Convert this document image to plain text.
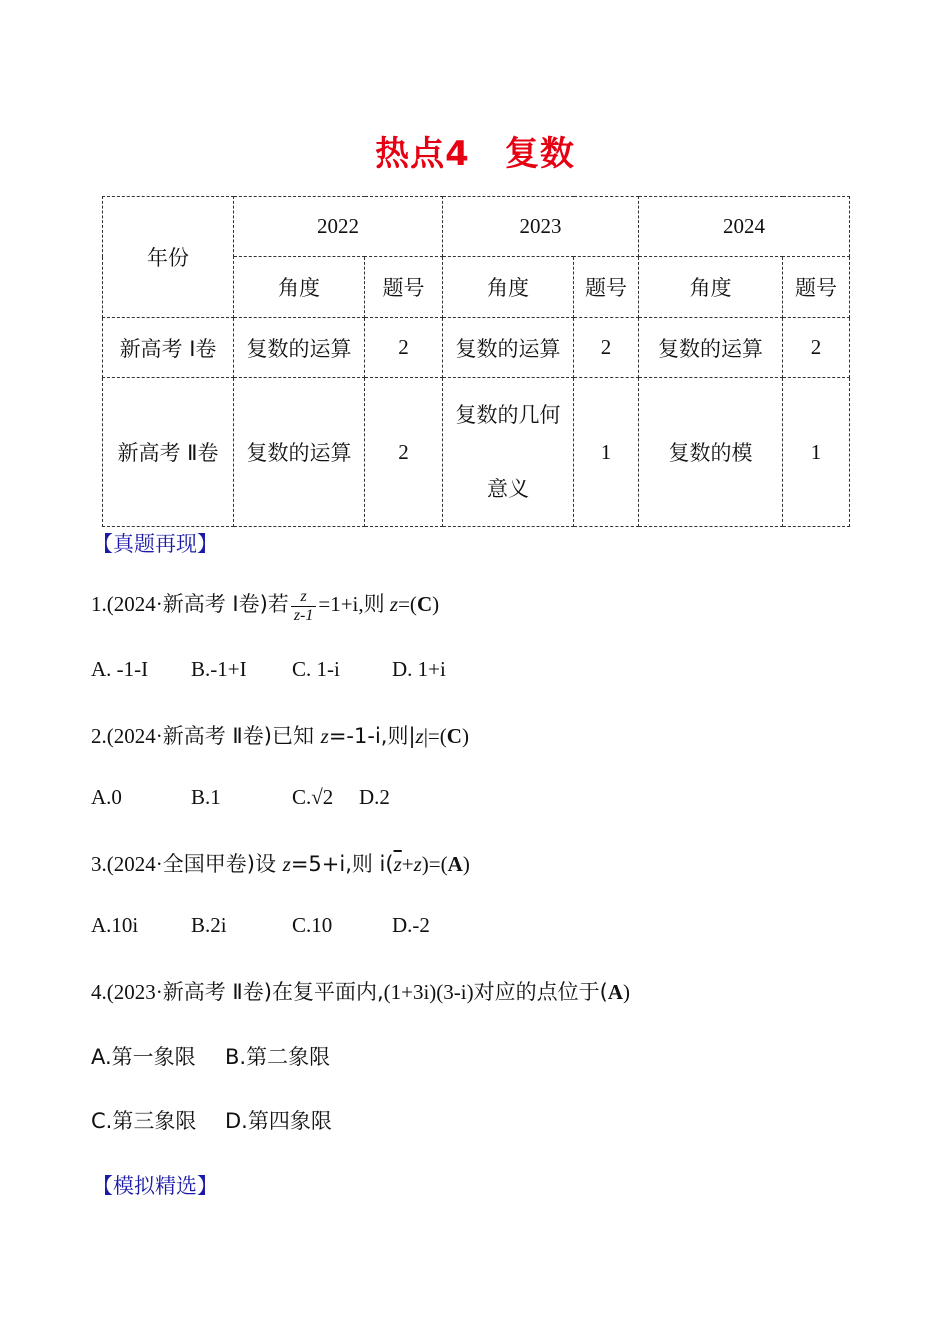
热点4　复数
年份	2022		2023		2024	
	角度	题号	角度	题号	角度	题号
新高考 Ⅰ卷	复数的运算	2	复数的运算	2	复数的运算	2
新高考 Ⅱ卷	复数的运算	2	复数的几何意义	1	复数的模	1
【真题再现】
1.(2024·新高考 Ⅰ卷)若 $\frac{z}{z-1} =1+i$,则 z=(C)
A. -1-I B.-1+I C. 1-i D. 1+i
2.(2024·新高考 Ⅱ卷)已知 z=-1-i,则|z|=(C)
A.0	B.1	C.√2 D.2
3.(2024·全国甲卷)设 z=5+i,则 $i(\overline{z}+z)=(A)$
A.10i	B.2i	C.10	D.-2
4.(2023·新高考 Ⅱ卷)在复平面内,(1+3i)(3-i)对应的点位于(A)
A.第一象限 B.第二象限
C.第三象限 D.第四象限
【模拟精选】
